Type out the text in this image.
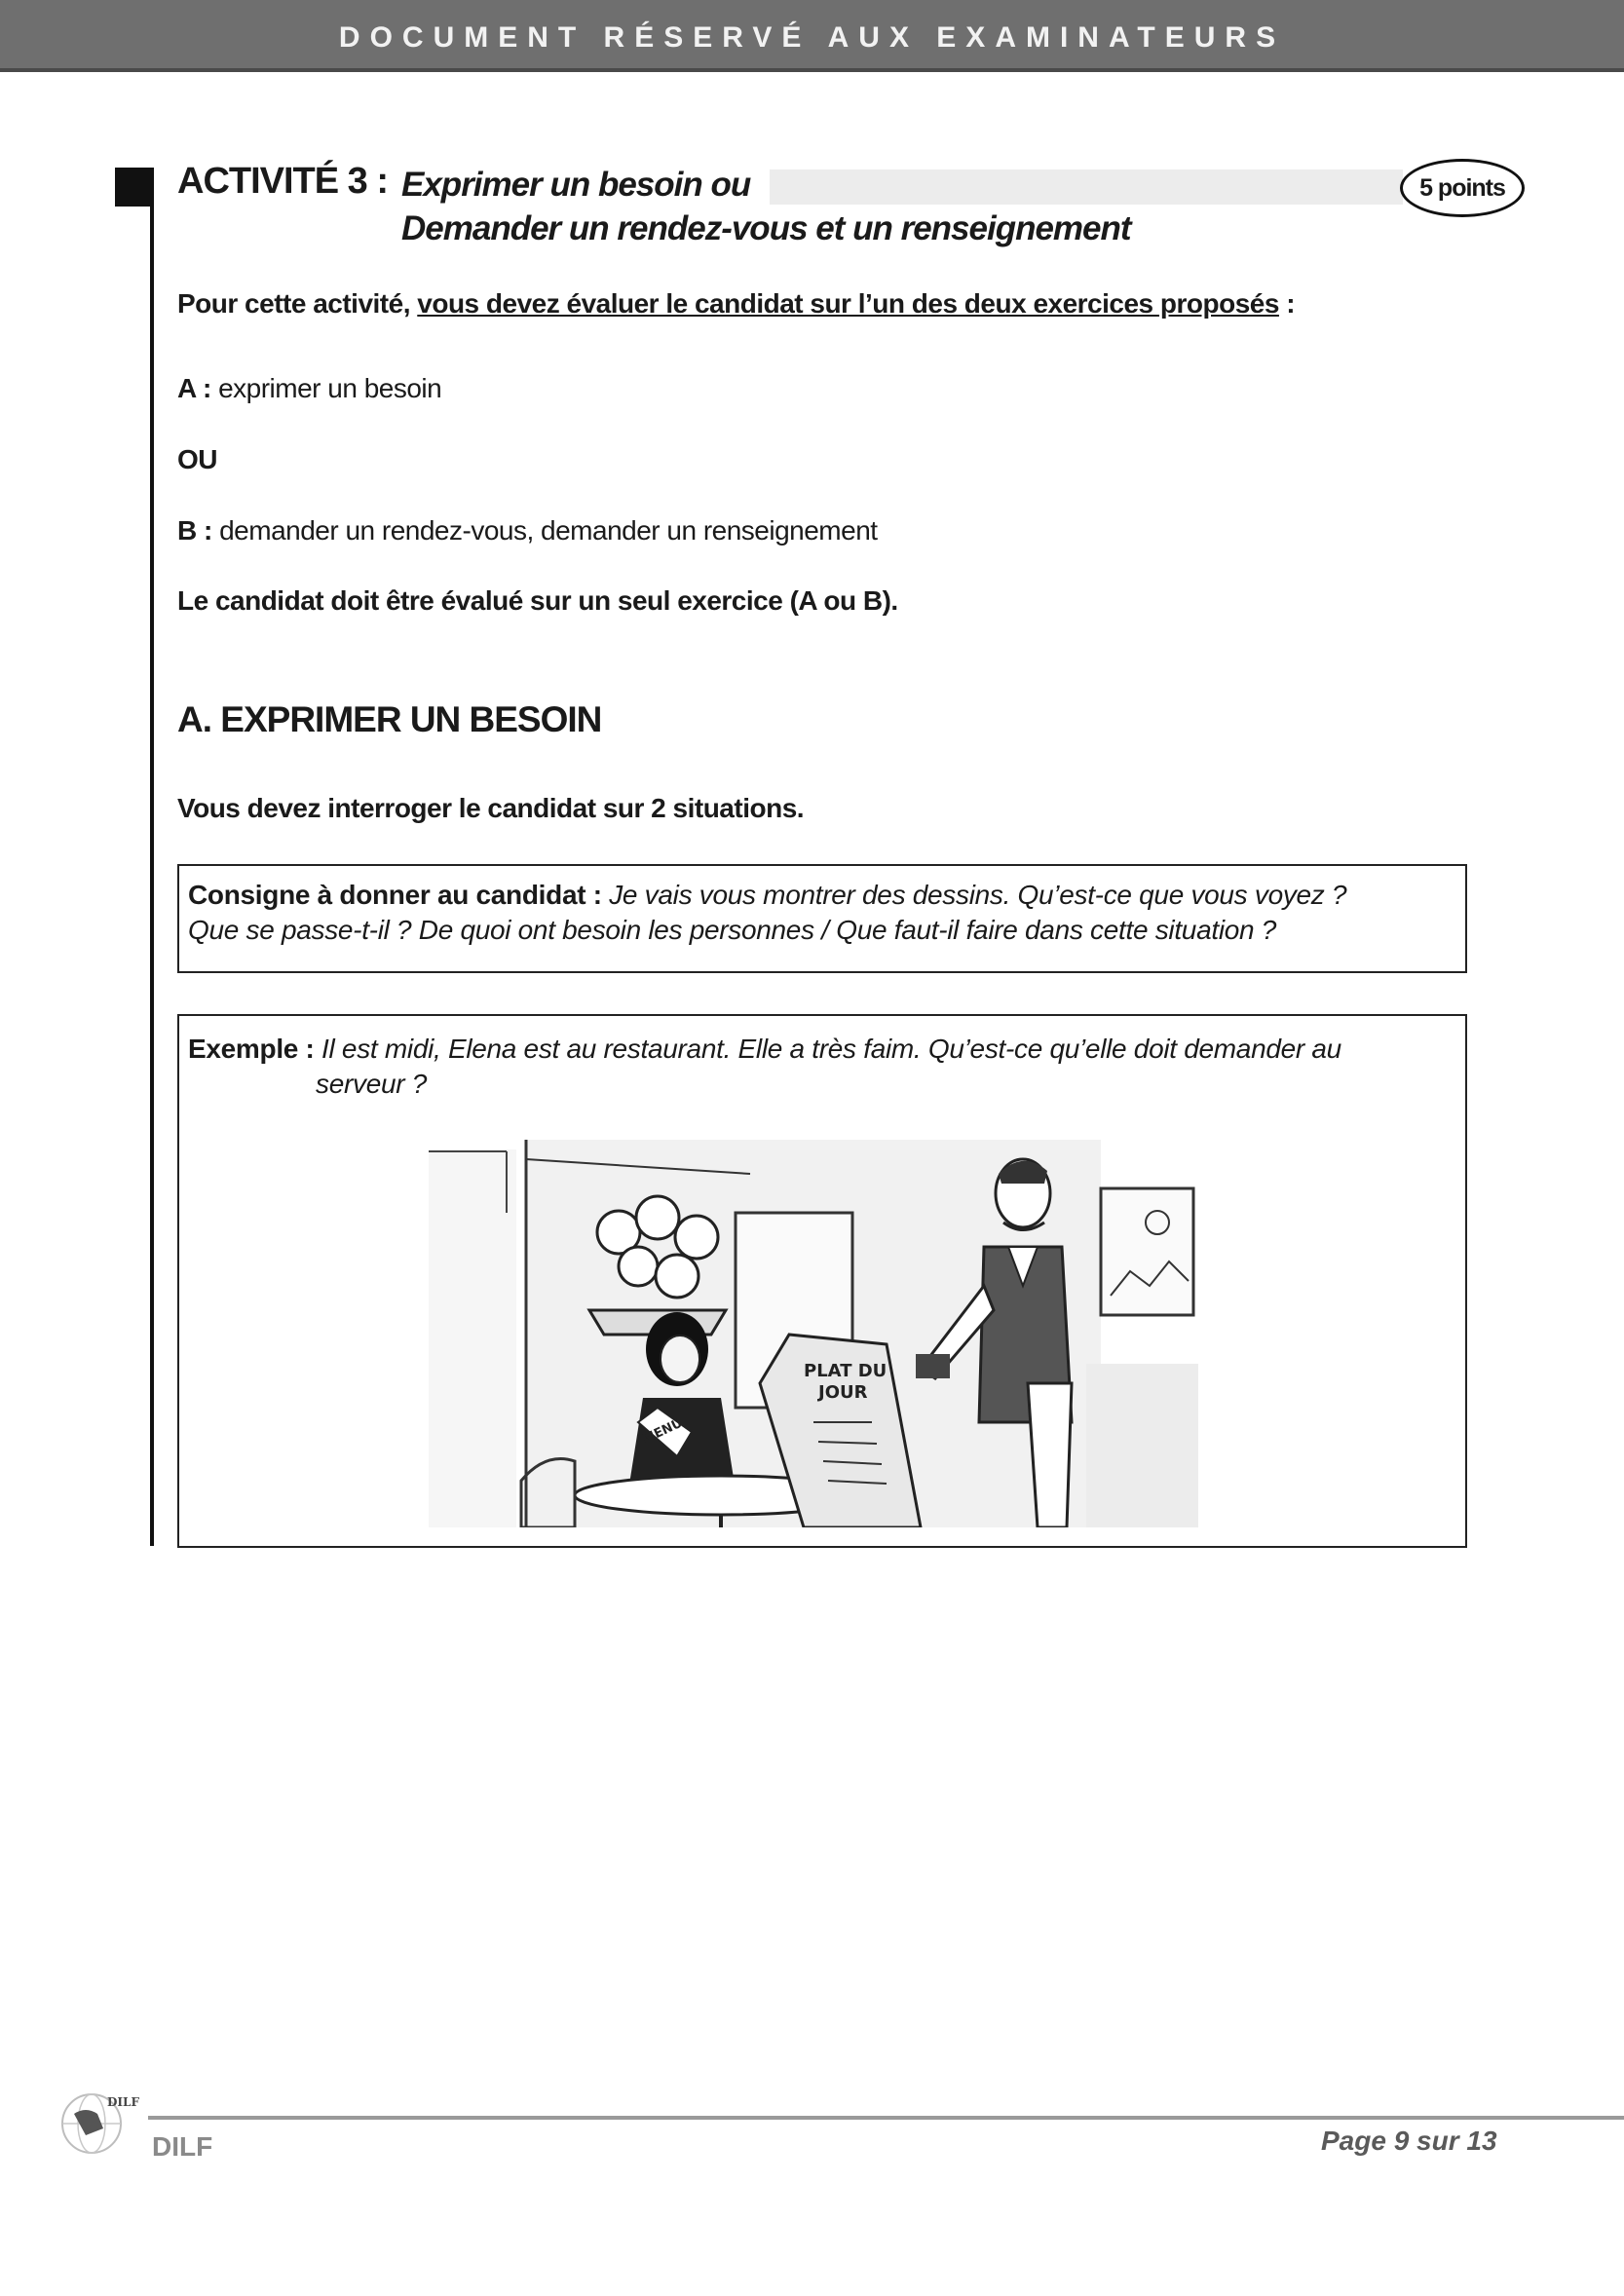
DOCUMENT RÉSERVÉ AUX EXAMINATEURS
ACTIVITÉ 3 : Exprimer un besoin ou
Demander un rendez-vous et un renseignement
5 points
Pour cette activité, vous devez évaluer le candidat sur l’un des deux exercices proposés :
A : exprimer un besoin
OU
B : demander un rendez-vous, demander un renseignement
Le candidat doit être évalué sur un seul exercice (A ou B).
A. EXPRIMER UN BESOIN
Vous devez interroger le candidat sur 2 situations.
Consigne à donner au candidat : Je vais vous montrer des dessins. Qu’est-ce que vous voyez ?
Que se passe-t-il ? De quoi ont besoin les personnes / Que faut-il faire dans cette situation ?
Exemple : Il est midi, Elena est au restaurant. Elle a très faim. Qu’est-ce qu’elle doit demander au
serveur ?
MENU
PLAT DU
JOUR
DILF
DILF	Page 9 sur 13
